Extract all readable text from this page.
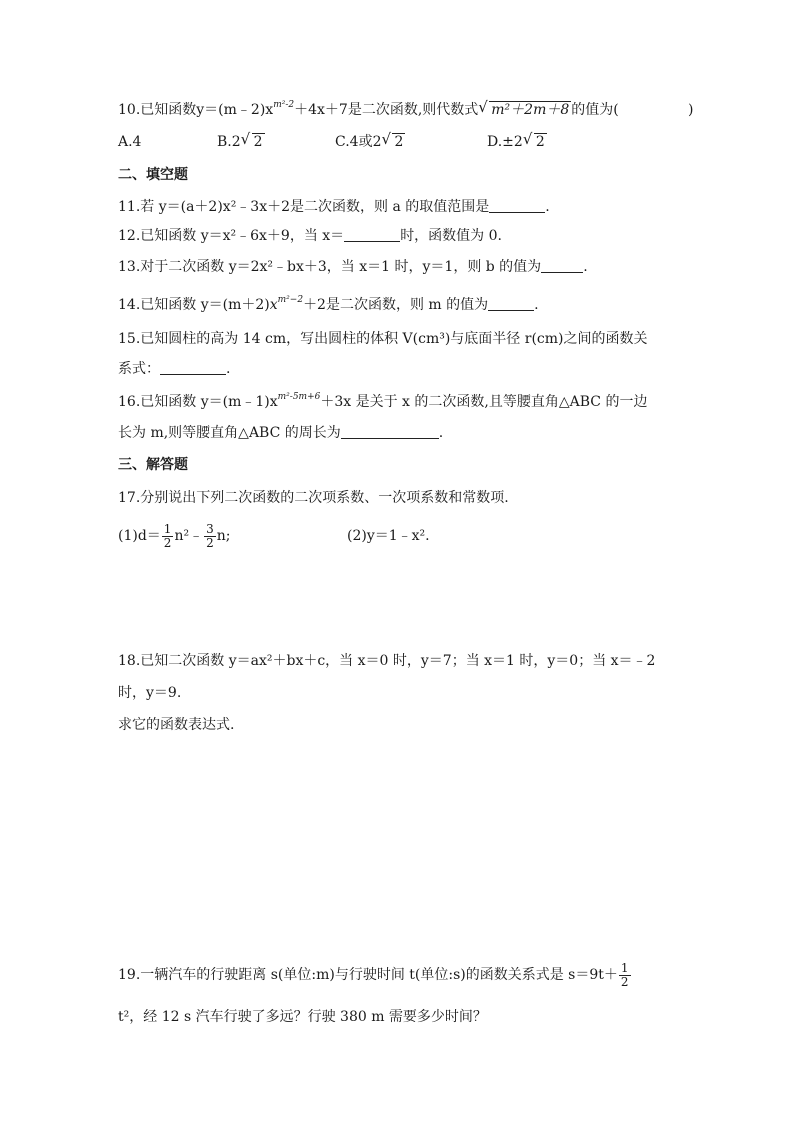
10.已知函数$y=(m﹣2)x^{m^2-2}+4x+7$是二次函数,则代数式 √ m²＋2m＋8 的值为(	)
A.4	B.2 √ 2	C.4或2 √ 2	D.±2 √ 2
二、填空题
11.若 y＝(a＋2)x²﹣3x＋2是二次函数，则 a 的取值范围是	.
12.已知函数 y＝x²﹣6x＋9，当 x＝	时，函数值为 0.
13.对于二次函数 y＝2x²﹣bx＋3，当 x＝1 时，y＝1，则 b 的值为	.
14.已知函数 $y=(m+2)x^{m^2-2}+2$是二次函数，则 m 的值为	.
15.已知圆柱的高为 14 cm，写出圆柱的体积 V(cm³)与底面半径 r(cm)之间的函数关
系式：	.
16.已知函数 $y=(m﹣1)x^{m^2-5m+6}+3x$ 是关于 x 的二次函数,且等腰直角△ABC 的一边
长为 m,则等腰直角△ABC 的周长为	.
三、解答题
17.分别说出下列二次函数的二次项系数、一次项系数和常数项.
$(1)d= \frac{1}{2}$ n²﹣ $\frac{3}{2} n$;	(2)y＝1﹣x².
18.已知二次函数 y＝ax²＋bx＋c，当 x＝0 时，y＝7；当 x＝1 时，y＝0；当 x＝﹣2
时，y＝9.
求它的函数表达式.
19.一辆汽车的行驶距离 s(单位:m)与行驶时间 t(单位:s)的函数关系式是 $s=9t+ \frac{1}{2}$
t²，经 12 s 汽车行驶了多远？行驶 380 m 需要多少时间？
